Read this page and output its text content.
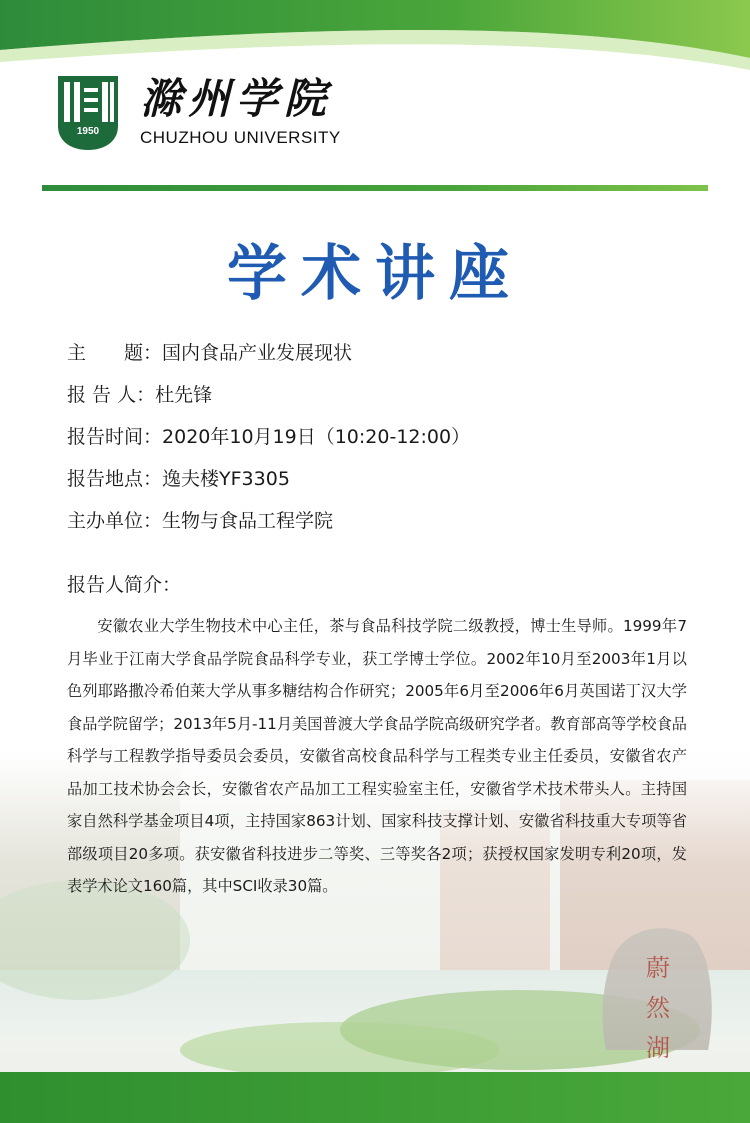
1950
滁州学院
CHUZHOU UNIVERSITY
学术讲座
主　　题：国内食品产业发展现状
报 告 人：杜先锋
报告时间：2020年10月19日（10:20-12:00）
报告地点：逸夫楼YF3305
主办单位：生物与食品工程学院
蔚然湖
报告人简介：
安徽农业大学生物技术中心主任，茶与食品科技学院二级教授，博士生导师。1999年7月毕业于江南大学食品学院食品科学专业，获工学博士学位。2002年10月至2003年1月以色列耶路撒冷希伯莱大学从事多糖结构合作研究；2005年6月至2006年6月英国诺丁汉大学食品学院留学；2013年5月-11月美国普渡大学食品学院高级研究学者。教育部高等学校食品科学与工程教学指导委员会委员，安徽省高校食品科学与工程类专业主任委员，安徽省农产品加工技术协会会长，安徽省农产品加工工程实验室主任，安徽省学术技术带头人。主持国家自然科学基金项目4项，主持国家863计划、国家科技支撑计划、安徽省科技重大专项等省部级项目20多项。获安徽省科技进步二等奖、三等奖各2项；获授权国家发明专利20项，发表学术论文160篇，其中SCI收录30篇。
